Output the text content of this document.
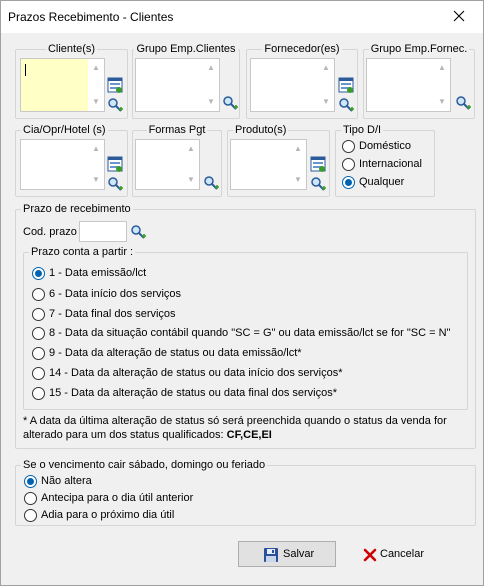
Prazos Recebimento - Clientes
Cliente(s)
▲
▼
Grupo Emp.Clientes
▲
▼
Fornecedor(es)
▲
▼
Grupo Emp.Fornec.
▲
▼
Cia/Opr/Hotel (s)
▲
▼
Formas Pgt
▲
▼
Produto(s)
▲
▼
Tipo D/I
Doméstico
Internacional
Qualquer
Prazo de recebimento
Cod. prazo
Prazo conta a partir :
1 - Data emissão/lct
6 - Data início dos serviços
7 - Data final dos serviços
8 - Data da situação contábil quando "SC = G" ou data emissão/lct se for "SC = N"
9 - Data da alteração de status ou data emissão/lct*
14 - Data da alteração de status ou data início dos serviços*
15 - Data da alteração de status ou data final dos serviços*
* A data da última alteração de status só será preenchida quando o status da venda for
alterado para um dos status qualificados: CF,CE,EI
Se o vencimento cair sábado, domingo ou feriado
Não altera
Antecipa para o dia útil anterior
Adia para o próximo dia útil
Salvar	Cancelar
